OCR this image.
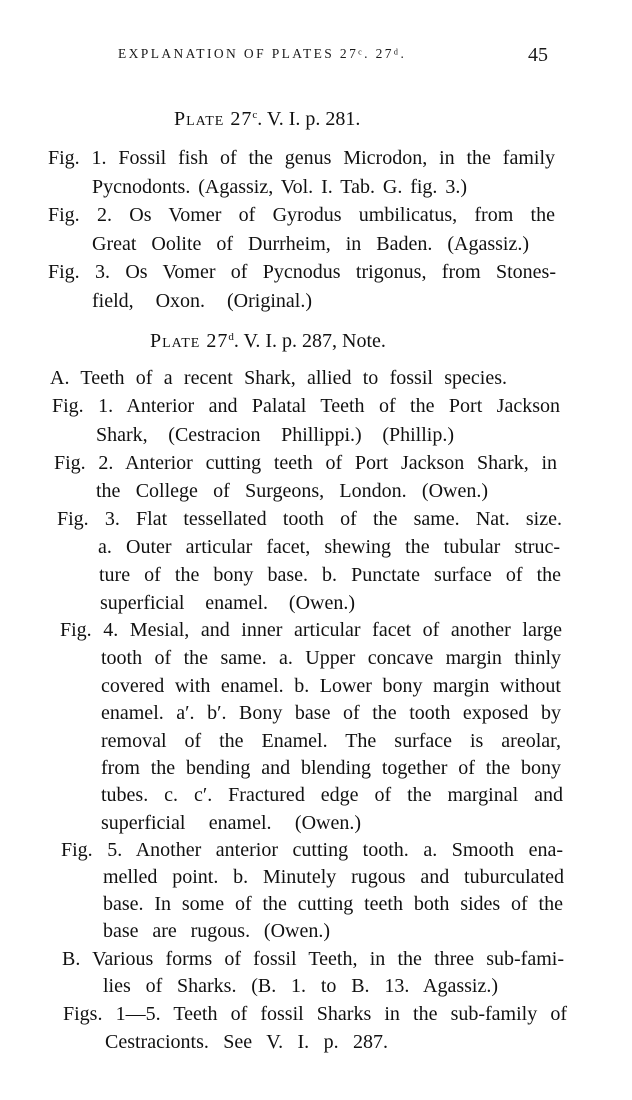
EXPLANATION OF PLATES 27ᶜ. 27ᵈ.	45
Plate 27$^c$. V. I. p. 281.
Fig. 1. Fossil fish of the genus Microdon, in the family
Pycnodonts. (Agassiz, Vol. I. Tab. G. fig. 3.)
Fig. 2. Os Vomer of Gyrodus umbilicatus, from the
Great Oolite of Durrheim, in Baden. (Agassiz.)
Fig. 3. Os Vomer of Pycnodus trigonus, from Stones-
field, Oxon. (Original.)
Plate 27$^d$. V. I. p. 287, Note.
A. Teeth of a recent Shark, allied to fossil species.
Fig. 1. Anterior and Palatal Teeth of the Port Jackson
Shark, (Cestracion Phillippi.) (Phillip.)
Fig. 2. Anterior cutting teeth of Port Jackson Shark, in
the College of Surgeons, London. (Owen.)
Fig. 3. Flat tessellated tooth of the same. Nat. size.
a. Outer articular facet, shewing the tubular struc-
ture of the bony base. b. Punctate surface of the
superficial enamel. (Owen.)
Fig. 4. Mesial, and inner articular facet of another large
tooth of the same. a. Upper concave margin thinly
covered with enamel. b. Lower bony margin without
enamel. a′. b′. Bony base of the tooth exposed by
removal of the Enamel. The surface is areolar,
from the bending and blending together of the bony
tubes. c. c′. Fractured edge of the marginal and
superficial enamel. (Owen.)
Fig. 5. Another anterior cutting tooth. a. Smooth ena-
melled point. b. Minutely rugous and tuburculated
base. In some of the cutting teeth both sides of the
base are rugous. (Owen.)
B. Various forms of fossil Teeth, in the three sub-fami-
lies of Sharks. (B. 1. to B. 13. Agassiz.)
Figs. 1—5. Teeth of fossil Sharks in the sub-family of
Cestracionts. See V. I. p. 287.
